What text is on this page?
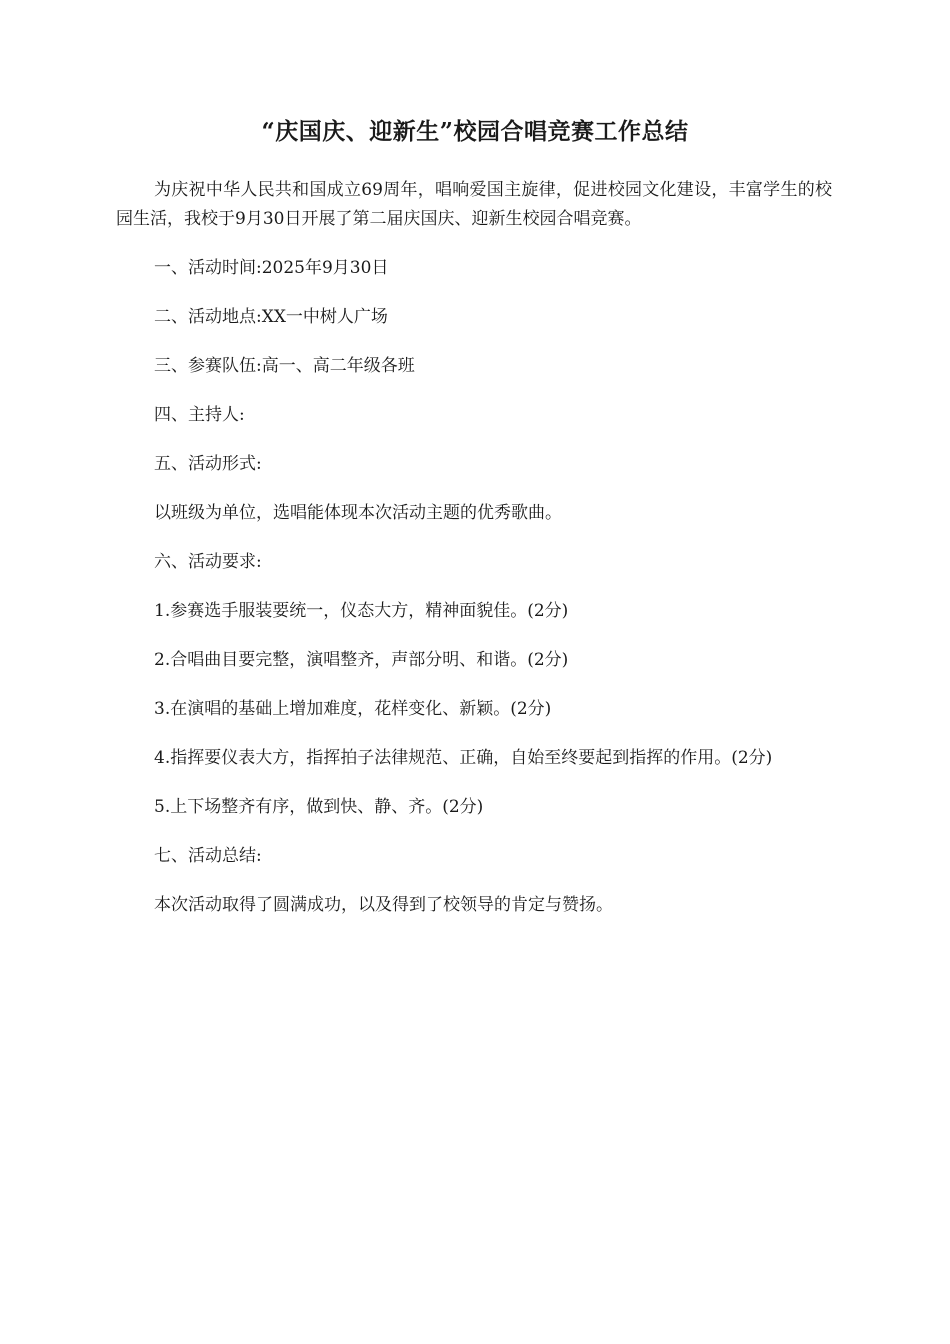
“庆国庆、迎新生”校园合唱竞赛工作总结

为庆祝中华人民共和国成立69周年，唱响爱国主旋律，促进校园文化建设，丰富学生的校园生活，我校于9月30日开展了第二届庆国庆、迎新生校园合唱竞赛。

一、活动时间:2025年9月30日

二、活动地点:XX一中树人广场

三、参赛队伍:高一、高二年级各班

四、主持人:

五、活动形式:

以班级为单位，选唱能体现本次活动主题的优秀歌曲。

六、活动要求:

1.参赛选手服装要统一，仪态大方，精神面貌佳。(2分)

2.合唱曲目要完整，演唱整齐，声部分明、和谐。(2分)

3.在演唱的基础上增加难度，花样变化、新颖。(2分)

4.指挥要仪表大方，指挥拍子法律规范、正确，自始至终要起到指挥的作用。(2分)

5.上下场整齐有序，做到快、静、齐。(2分)

七、活动总结:

本次活动取得了圆满成功，以及得到了校领导的肯定与赞扬。
